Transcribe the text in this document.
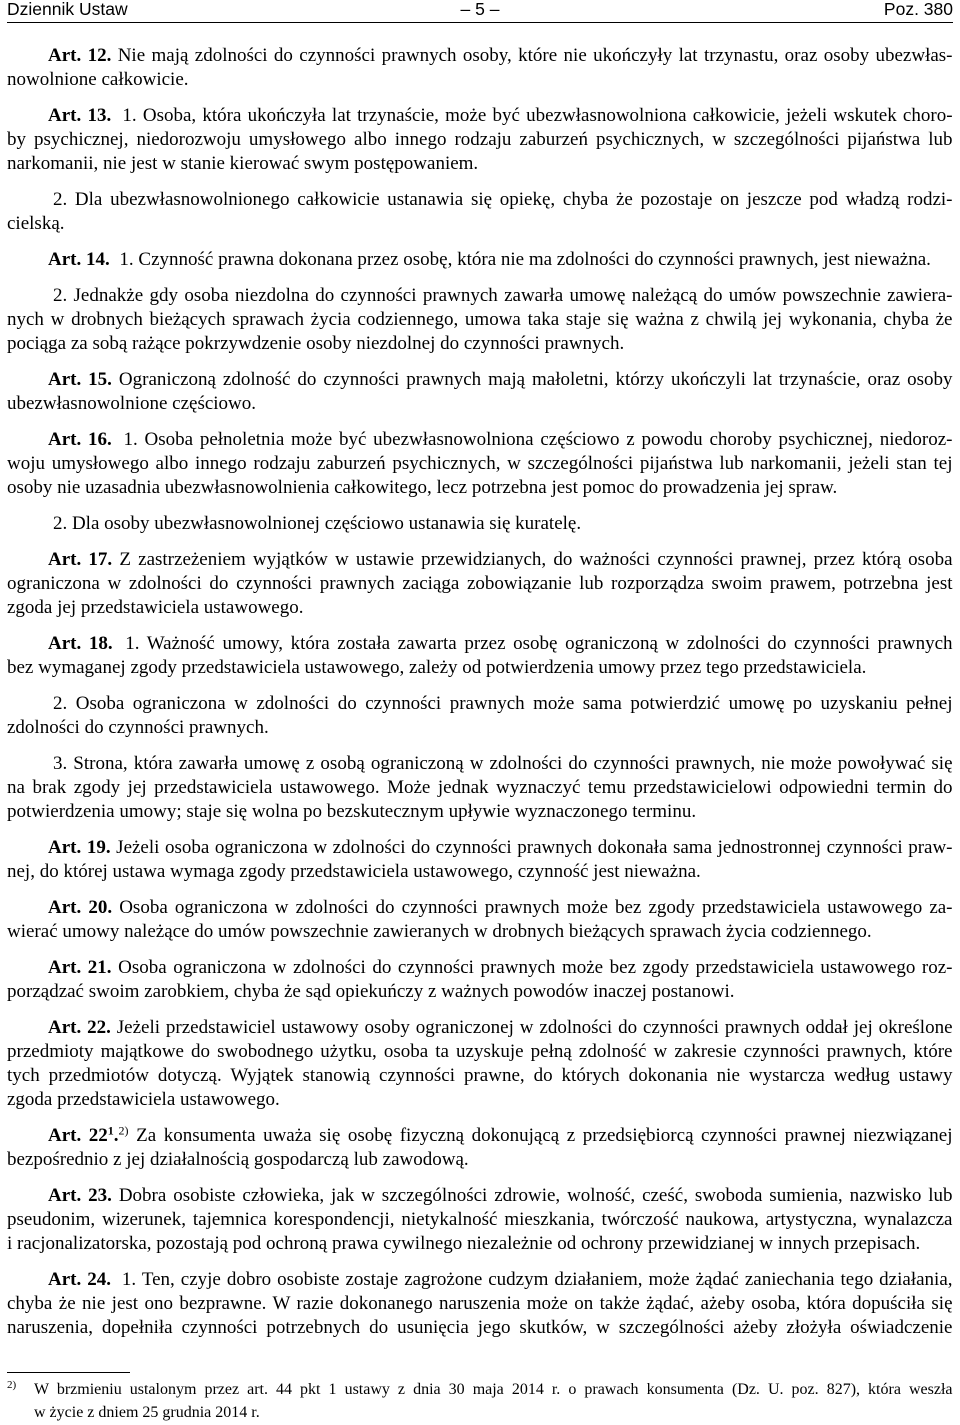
Dziennik Ustaw	– 5 –	Poz. 380
Art. 12. Nie mają zdolności do czynności prawnych osoby, które nie ukończyły lat trzynastu, oraz osoby ubezwłas-
nowolnione całkowicie.
Art. 13. 1. Osoba, która ukończyła lat trzynaście, może być ubezwłasnowolniona całkowicie, jeżeli wskutek choro-
by psychicznej, niedorozwoju umysłowego albo innego rodzaju zaburzeń psychicznych, w szczególności pijaństwa lub
narkomanii, nie jest w stanie kierować swym postępowaniem.
2. Dla ubezwłasnowolnionego całkowicie ustanawia się opiekę, chyba że pozostaje on jeszcze pod władzą rodzi-
cielską.
Art. 14. 1. Czynność prawna dokonana przez osobę, która nie ma zdolności do czynności prawnych, jest nieważna.
2. Jednakże gdy osoba niezdolna do czynności prawnych zawarła umowę należącą do umów powszechnie zawiera-
nych w drobnych bieżących sprawach życia codziennego, umowa taka staje się ważna z chwilą jej wykonania, chyba że
pociąga za sobą rażące pokrzywdzenie osoby niezdolnej do czynności prawnych.
Art. 15. Ograniczoną zdolność do czynności prawnych mają małoletni, którzy ukończyli lat trzynaście, oraz osoby
ubezwłasnowolnione częściowo.
Art. 16. 1. Osoba pełnoletnia może być ubezwłasnowolniona częściowo z powodu choroby psychicznej, niedoroz-
woju umysłowego albo innego rodzaju zaburzeń psychicznych, w szczególności pijaństwa lub narkomanii, jeżeli stan tej
osoby nie uzasadnia ubezwłasnowolnienia całkowitego, lecz potrzebna jest pomoc do prowadzenia jej spraw.
2. Dla osoby ubezwłasnowolnionej częściowo ustanawia się kuratelę.
Art. 17. Z zastrzeżeniem wyjątków w ustawie przewidzianych, do ważności czynności prawnej, przez którą osoba
ograniczona w zdolności do czynności prawnych zaciąga zobowiązanie lub rozporządza swoim prawem, potrzebna jest
zgoda jej przedstawiciela ustawowego.
Art. 18. 1. Ważność umowy, która została zawarta przez osobę ograniczoną w zdolności do czynności prawnych
bez wymaganej zgody przedstawiciela ustawowego, zależy od potwierdzenia umowy przez tego przedstawiciela.
2. Osoba ograniczona w zdolności do czynności prawnych może sama potwierdzić umowę po uzyskaniu pełnej
zdolności do czynności prawnych.
3. Strona, która zawarła umowę z osobą ograniczoną w zdolności do czynności prawnych, nie może powoływać się
na brak zgody jej przedstawiciela ustawowego. Może jednak wyznaczyć temu przedstawicielowi odpowiedni termin do
potwierdzenia umowy; staje się wolna po bezskutecznym upływie wyznaczonego terminu.
Art. 19. Jeżeli osoba ograniczona w zdolności do czynności prawnych dokonała sama jednostronnej czynności praw-
nej, do której ustawa wymaga zgody przedstawiciela ustawowego, czynność jest nieważna.
Art. 20. Osoba ograniczona w zdolności do czynności prawnych może bez zgody przedstawiciela ustawowego za-
wierać umowy należące do umów powszechnie zawieranych w drobnych bieżących sprawach życia codziennego.
Art. 21. Osoba ograniczona w zdolności do czynności prawnych może bez zgody przedstawiciela ustawowego roz-
porządzać swoim zarobkiem, chyba że sąd opiekuńczy z ważnych powodów inaczej postanowi.
Art. 22. Jeżeli przedstawiciel ustawowy osoby ograniczonej w zdolności do czynności prawnych oddał jej określone
przedmioty majątkowe do swobodnego użytku, osoba ta uzyskuje pełną zdolność w zakresie czynności prawnych, które
tych przedmiotów dotyczą. Wyjątek stanowią czynności prawne, do których dokonania nie wystarcza według ustawy
zgoda przedstawiciela ustawowego.
Art. $22^1.^{2)}$ Za konsumenta uważa się osobę fizyczną dokonującą z przedsiębiorcą czynności prawnej niezwiązanej
bezpośrednio z jej działalnością gospodarczą lub zawodową.
Art. 23. Dobra osobiste człowieka, jak w szczególności zdrowie, wolność, cześć, swoboda sumienia, nazwisko lub
pseudonim, wizerunek, tajemnica korespondencji, nietykalność mieszkania, twórczość naukowa, artystyczna, wynalazcza
i racjonalizatorska, pozostają pod ochroną prawa cywilnego niezależnie od ochrony przewidzianej w innych przepisach.
Art. 24. 1. Ten, czyje dobro osobiste zostaje zagrożone cudzym działaniem, może żądać zaniechania tego działania,
chyba że nie jest ono bezprawne. W razie dokonanego naruszenia może on także żądać, ażeby osoba, która dopuściła się
naruszenia, dopełniła czynności potrzebnych do usunięcia jego skutków, w szczególności ażeby złożyła oświadczenie
2) W brzmieniu ustalonym przez art. 44 pkt 1 ustawy z dnia 30 maja 2014 r. o prawach konsumenta (Dz. U. poz. 827), która weszła
w życie z dniem 25 grudnia 2014 r.
